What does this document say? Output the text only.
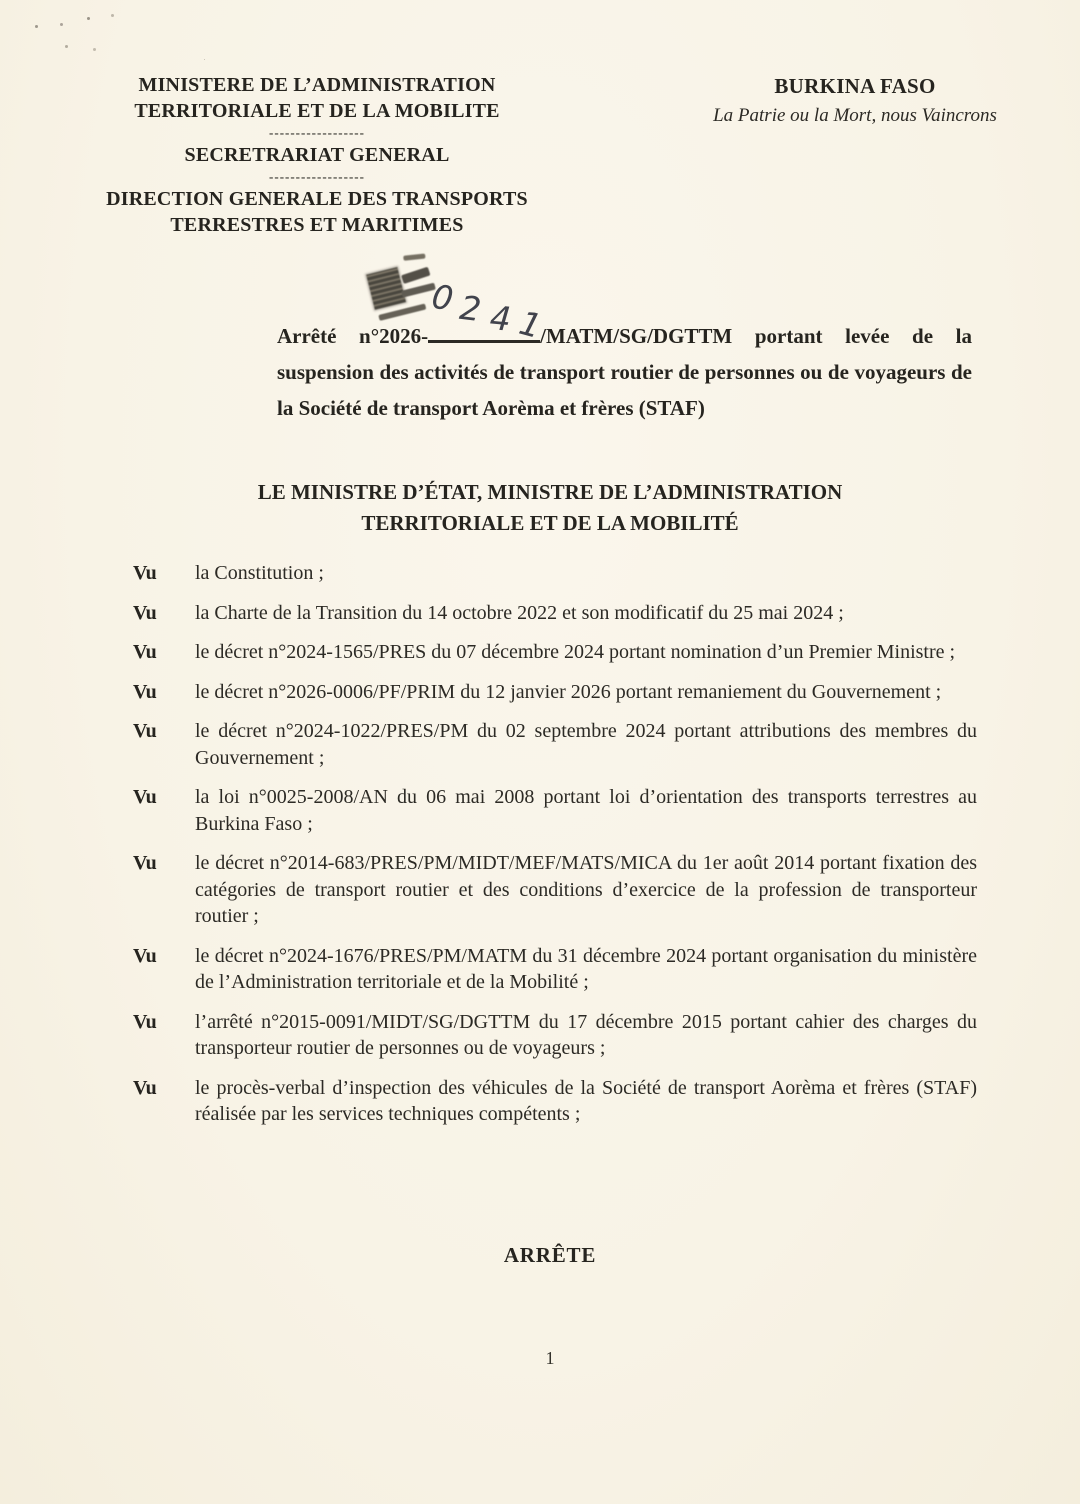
MINISTERE DE L’ADMINISTRATION
TERRITORIALE ET DE LA MOBILITE
------------------
SECRETRARIAT GENERAL
------------------
DIRECTION GENERALE DES TRANSPORTS
TERRESTRES ET MARITIMES
BURKINA FASO
La Patrie ou la Mort, nous Vaincrons
02 41

Arrêté n°2026-	/MATM/SG/DGTTM portant levée de la suspension des activités de transport routier de personnes ou de voyageurs de la Société de transport Aorèma et frères (STAF)

LE MINISTRE D’ÉTAT, MINISTRE DE L’ADMINISTRATION
TERRITORIALE ET DE LA MOBILITÉ
Vu	la Constitution ;
Vu	la Charte de la Transition du 14 octobre 2022 et son modificatif du 25 mai 2024 ;
Vu	le décret n°2024-1565/PRES du 07 décembre 2024 portant nomination d’un Premier Ministre ;
Vu	le décret n°2026-0006/PF/PRIM du 12 janvier 2026 portant remaniement du Gouvernement ;
Vu	le décret n°2024-1022/PRES/PM du 02 septembre 2024 portant attributions des membres du Gouvernement ;
Vu	la loi n°0025-2008/AN du 06 mai 2008 portant loi d’orientation des transports terrestres au Burkina Faso ;
Vu	le décret n°2014-683/PRES/PM/MIDT/MEF/MATS/MICA du 1er août 2014 portant fixation des catégories de transport routier et des conditions d’exercice de la profession de transporteur routier ;
Vu	le décret n°2024-1676/PRES/PM/MATM du 31 décembre 2024 portant organisation du ministère de l’Administration territoriale et de la Mobilité ;
Vu	l’arrêté n°2015-0091/MIDT/SG/DGTTM du 17 décembre 2015 portant cahier des charges du transporteur routier de personnes ou de voyageurs ;
Vu	le procès-verbal d’inspection des véhicules de la Société de transport Aorèma et frères (STAF) réalisée par les services techniques compétents ;
ARRÊTE
1
